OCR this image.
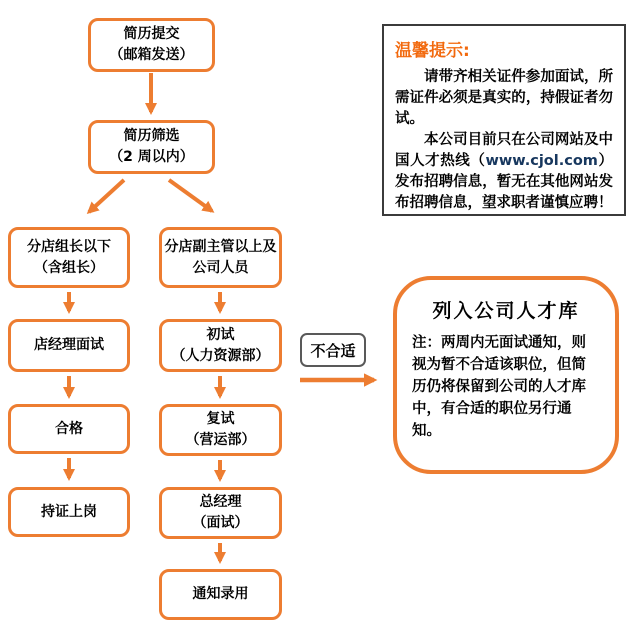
简历提交
（邮箱发送）
简历筛选
（2 周以内）
分店组长以下
（含组长）
分店副主管以上及
公司人员
店经理面试
初试
（人力资源部）
合格
复试
（营运部）
持证上岗
总经理
（面试）
通知录用
不合适
温馨提示:

请带齐相关证件参加面试，所需证件必须是真实的，持假证者勿试。

本公司目前只在公司网站及中国人才热线（www.cjol.com）发布招聘信息，暂无在其他网站发布招聘信息，望求职者谨慎应聘！

列入公司人才库

注：两周内无面试通知，则视为暂不合适该职位，但简历仍将保留到公司的人才库中，有合适的职位另行通知。
